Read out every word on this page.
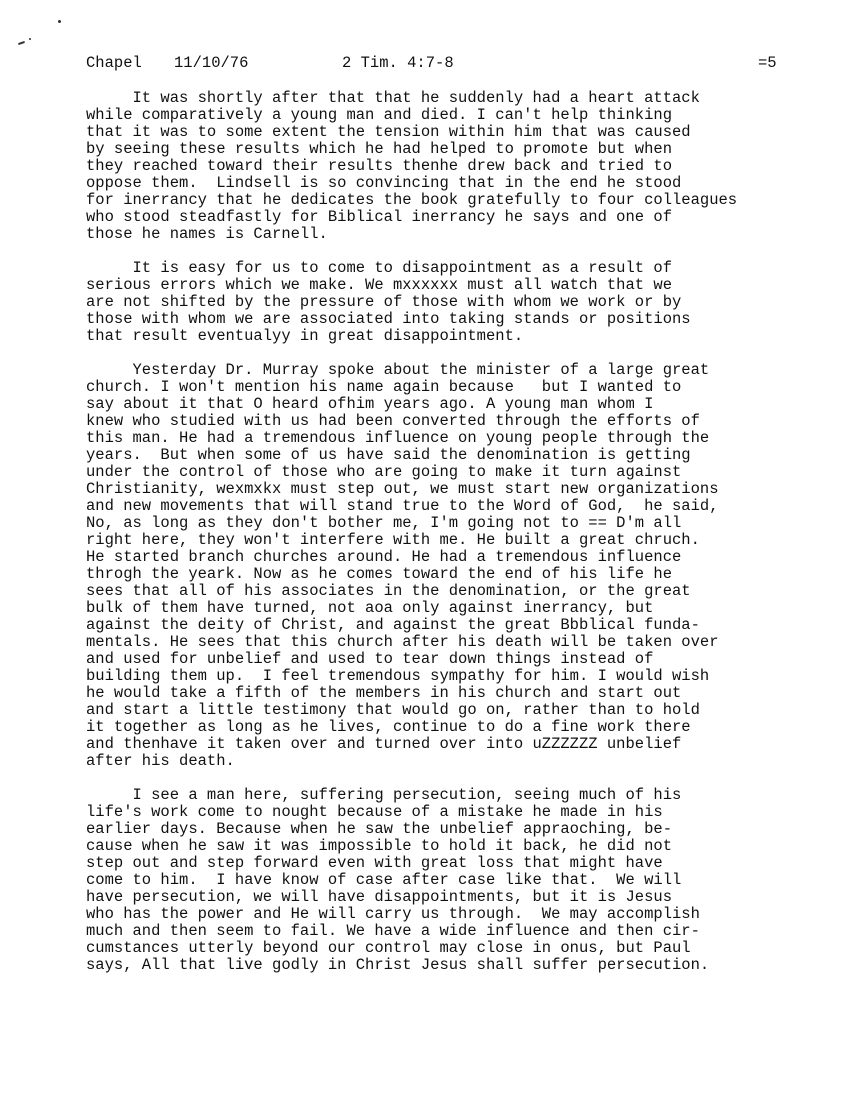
Chapel 11/10/76	2 Tim. 4:7-8	=5
It was shortly after that that he suddenly had a heart attack
while comparatively a young man and died. I can't help thinking
that it was to some extent the tension within him that was caused
by seeing these results which he had helped to promote but when
they reached toward their results thenhe drew back and tried to
oppose them.  Lindsell is so convincing that in the end he stood
for inerrancy that he dedicates the book gratefully to four colleagues
who stood steadfastly for Biblical inerrancy he says and one of
those he names is Carnell.
It is easy for us to come to disappointment as a result of
serious errors which we make. We mxxxxxx must all watch that we
are not shifted by the pressure of those with whom we work or by
those with whom we are associated into taking stands or positions
that result eventualyy in great disappointment.
Yesterday Dr. Murray spoke about the minister of a large great
church. I won't mention his name again because   but I wanted to
say about it that O heard ofhim years ago. A young man whom I
knew who studied with us had been converted through the efforts of
this man. He had a tremendous influence on young people through the
years.  But when some of us have said the denomination is getting
under the control of those who are going to make it turn against
Christianity, wexmxkx must step out, we must start new organizations
and new movements that will stand true to the Word of God,  he said,
No, as long as they don't bother me, I'm going not to == D'm all
right here, they won't interfere with me. He built a great chruch.
He started branch churches around. He had a tremendous influence
throgh the yeark. Now as he comes toward the end of his life he
sees that all of his associates in the denomination, or the great
bulk of them have turned, not aoa only against inerrancy, but
against the deity of Christ, and against the great Bbblical funda-
mentals. He sees that this church after his death will be taken over
and used for unbelief and used to tear down things instead of
building them up.  I feel tremendous sympathy for him. I would wish
he would take a fifth of the members in his church and start out
and start a little testimony that would go on, rather than to hold
it together as long as he lives, continue to do a fine work there
and thenhave it taken over and turned over into uZZZZZZ unbelief
after his death.
I see a man here, suffering persecution, seeing much of his
life's work come to nought because of a mistake he made in his
earlier days. Because when he saw the unbelief appraoching, be-
cause when he saw it was impossible to hold it back, he did not
step out and step forward even with great loss that might have
come to him.  I have know of case after case like that.  We will
have persecution, we will have disappointments, but it is Jesus
who has the power and He will carry us through.  We may accomplish
much and then seem to fail. We have a wide influence and then cir-
cumstances utterly beyond our control may close in onus, but Paul
says, All that live godly in Christ Jesus shall suffer persecution.
